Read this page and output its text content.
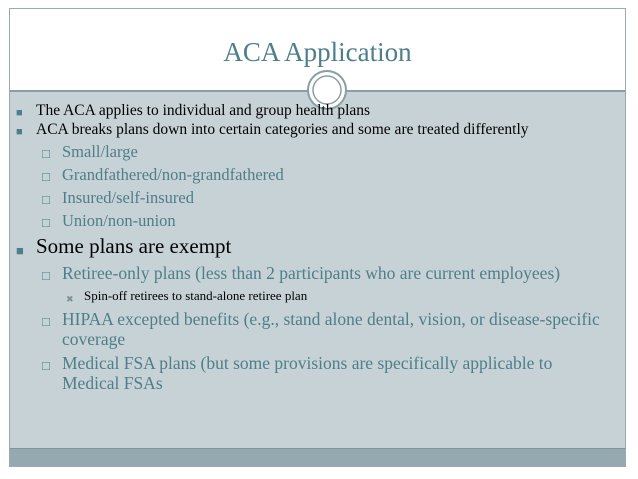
ACA Application
■ The ACA applies to individual and group health plans
■ ACA breaks plans down into certain categories and some are treated differently
□ Small/large
□ Grandfathered/non-grandfathered
□ Insured/self-insured
□ Union/non-union
■ Some plans are exempt
□ Retiree-only plans (less than 2 participants who are current employees)
✖ Spin-off retirees to stand-alone retiree plan
□ HIPAA excepted benefits (e.g., stand alone dental, vision, or disease-specific coverage
□ Medical FSA plans (but some provisions are specifically applicable to Medical FSAs
